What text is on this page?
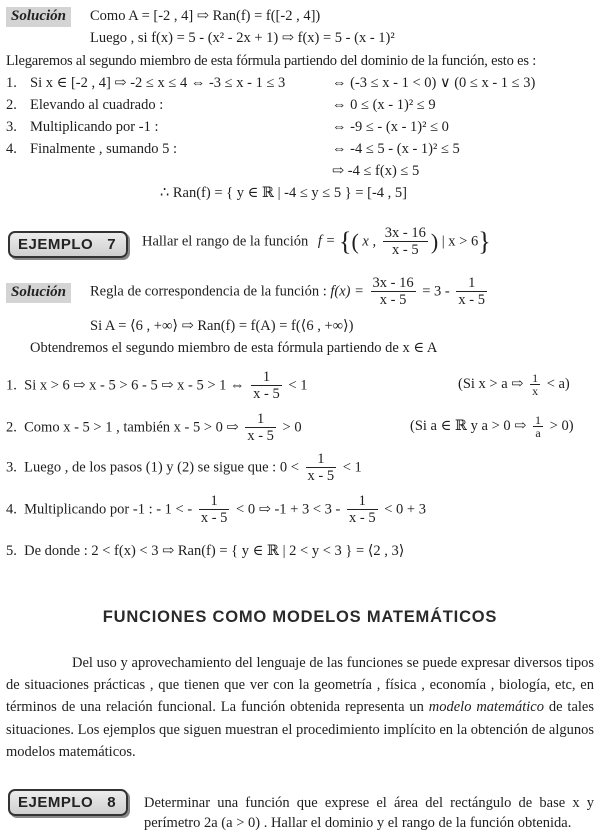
Solución	Como A = [-2 , 4] ⇨ Ran(f) = f([-2 , 4])
Luego , si f(x) = 5 - (x² - 2x + 1) ⇨ f(x) = 5 - (x - 1)²
Llegaremos al segundo miembro de esta fórmula partiendo del dominio de la función, esto es :
1. Si x ∈ [-2 , 4] ⇨ -2 ≤ x ≤ 4 ⇔ -3 ≤ x - 1 ≤ 3	⇔ (-3 ≤ x - 1 < 0) ∨ (0 ≤ x - 1 ≤ 3)
2. Elevando al cuadrado :	⇔ 0 ≤ (x - 1)² ≤ 9
3. Multiplicando por -1 :	⇔ -9 ≤ - (x - 1)² ≤ 0
4. Finalmente , sumando 5 :	⇔ -4 ≤ 5 - (x - 1)² ≤ 5
⇨ -4 ≤ f(x) ≤ 5
∴ Ran(f) = { y ∈ ℝ | -4 ≤ y ≤ 5 } = [-4 , 5]
EJEMPLO 7	Hallar el rango de la función f = {( x , $\frac{3x - 16}{x - 5}$ ) | x > 6}
Solución	Regla de correspondencia de la función : $f(x) = \frac{3x - 16}{x - 5} = 3 - \frac{1}{x - 5}$
Si A = ⟨6 , +∞⟩ ⇨ Ran(f) = f(A) = f(⟨6 , +∞⟩)
Obtendremos el segundo miembro de esta fórmula partiendo de x ∈ A
1. Si x > 6 ⇨ x - 5 > 6 - 5 ⇨ x - 5 > 1 ⇔ $\frac{1}{x - 5} < 1$	(Si x > a ⇨ $\frac{1}{x} < a$)
2. Como x - 5 > 1 , también x - 5 > 0 ⇨ $\frac{1}{x - 5} > 0$	(Si a ∈ ℝ y a > 0 ⇨ $\frac{1}{a} > 0$)
3. Luego , de los pasos (1) y (2) se sigue que : $0 < \frac{1}{x - 5} < 1$
4. Multiplicando por -1 : - 1 < - $\frac{1}{x - 5} < 0$ ⇨ $-1 + 3 < 3 - \frac{1}{x - 5} < 0 + 3$
5. De donde : 2 < f(x) < 3 ⇨ Ran(f) = { y ∈ ℝ | 2 < y < 3 } = ⟨2 , 3⟩
FUNCIONES COMO MODELOS MATEMÁTICOS
Del uso y aprovechamiento del lenguaje de las funciones se puede expresar diversos tipos de situaciones prácticas , que tienen que ver con la geometría , física , economía , biología, etc, en términos de una relación funcional. La función obtenida representa un modelo matemático de tales situaciones. Los ejemplos que siguen muestran el procedimiento implícito en la obtención de algunos modelos matemáticos.
EJEMPLO 8	Determinar una función que exprese el área del rectángulo de base x y perímetro 2a (a > 0) . Hallar el dominio y el rango de la función obtenida.
